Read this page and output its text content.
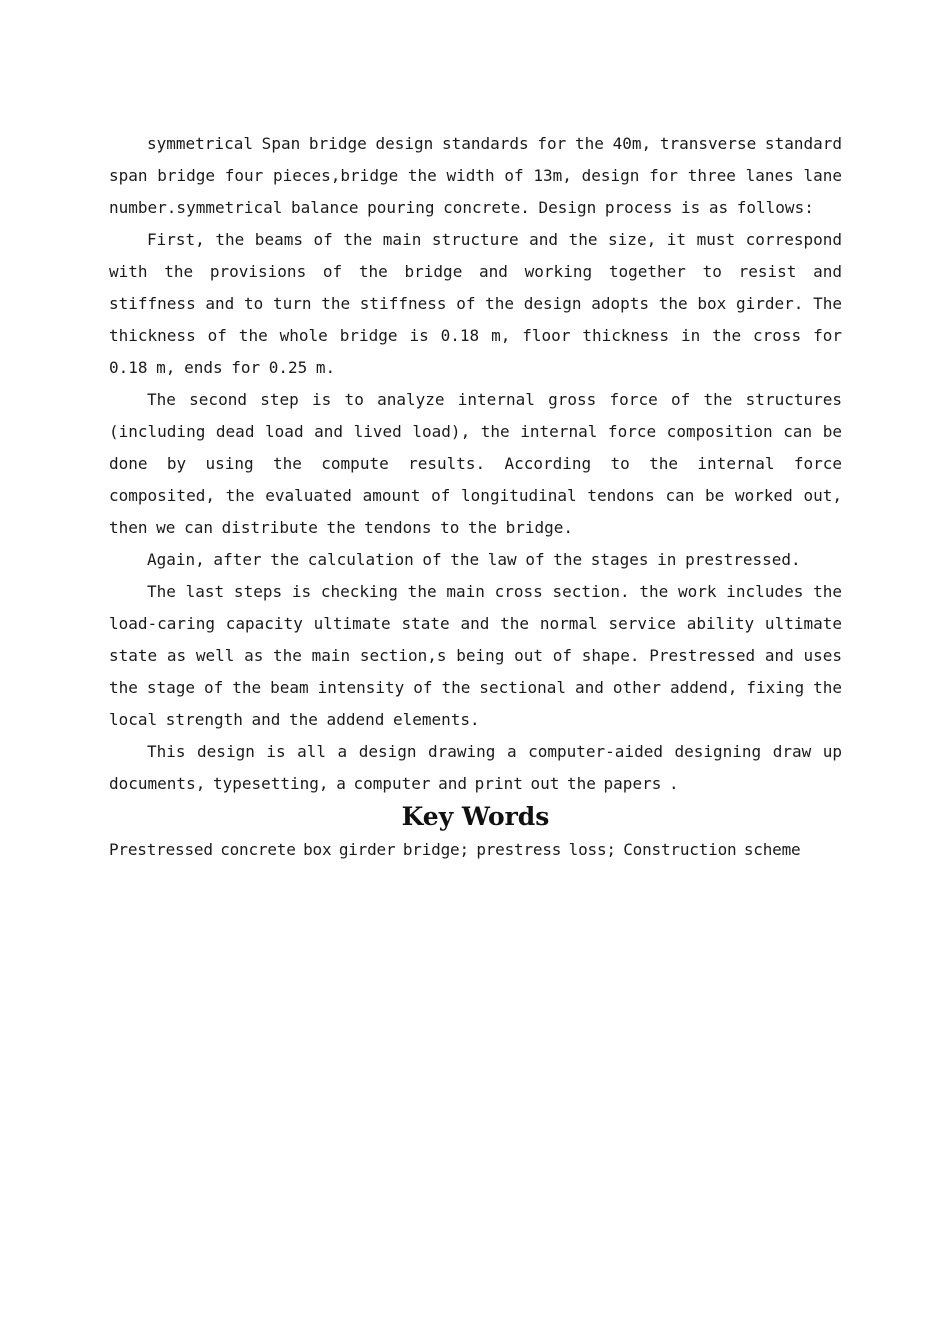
symmetrical Span bridge design standards for the 40m, transverse standard span bridge four pieces,bridge the width of 13m, design for three lanes lane number.symmetrical balance pouring concrete. Design process is as follows:

First, the beams of the main structure and the size, it must correspond with the provisions of the bridge and working together to resist and stiffness and to turn the stiffness of the design adopts the box girder. The thickness of the whole bridge is 0.18 m, floor thickness in the cross for 0.18 m, ends for 0.25 m.

The second step is to analyze internal gross force of the structures (including dead load and lived load), the internal force composition can be done by using the compute results. According to the internal force composited, the evaluated amount of longitudinal tendons can be worked out, then we can distribute the tendons to the bridge.

Again, after the calculation of the law of the stages in prestressed.

The last steps is checking the main cross section. the work includes the load-caring capacity ultimate state and the normal service ability ultimate state as well as the main section,s being out of shape. Prestressed and uses the stage of the beam intensity of the sectional and other addend, fixing the local strength and the addend elements.

This design is all a design drawing a computer-aided designing draw up documents, typesetting, a computer and print out the papers .

Key Words

Prestressed concrete box girder bridge; prestress loss; Construction scheme
